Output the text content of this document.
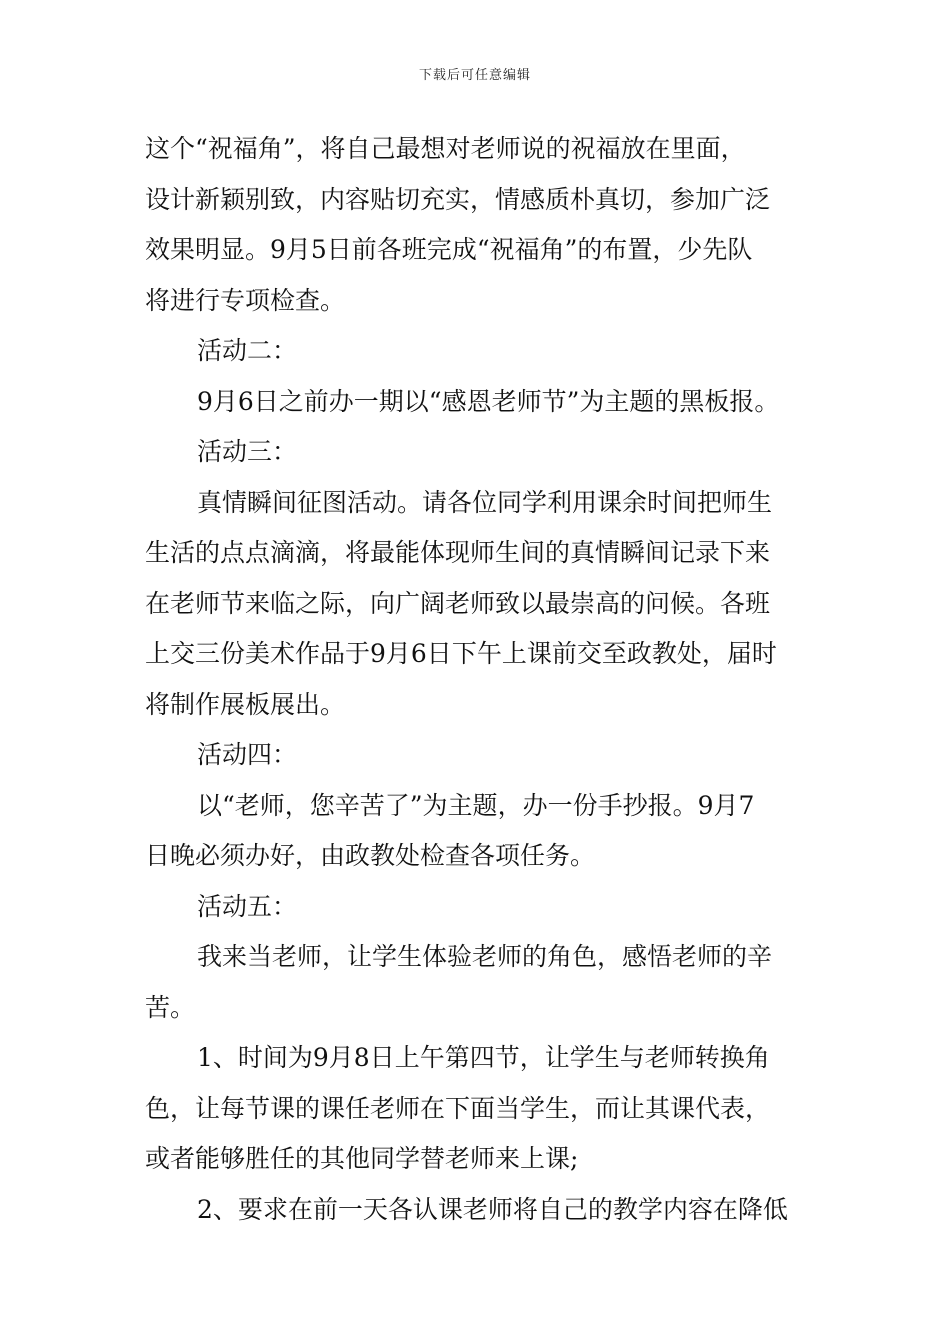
下载后可任意编辑

这个“祝福角”，将自己最想对老师说的祝福放在里面，
设计新颖别致，内容贴切充实，情感质朴真切，参加广泛
效果明显。9月5日前各班完成“祝福角”的布置，少先队
将进行专项检查。

活动二：

9月6日之前办一期以“感恩老师节”为主题的黑板报。

活动三：

真情瞬间征图活动。请各位同学利用课余时间把师生
生活的点点滴滴，将最能体现师生间的真情瞬间记录下来
在老师节来临之际，向广阔老师致以最崇高的问候。各班
上交三份美术作品于9月6日下午上课前交至政教处，届时
将制作展板展出。

活动四：

以“老师，您辛苦了”为主题，办一份手抄报。9月7
日晚必须办好，由政教处检查各项任务。

活动五：

我来当老师，让学生体验老师的角色，感悟老师的辛
苦。

1、时间为9月8日上午第四节，让学生与老师转换角
色，让每节课的课任老师在下面当学生，而让其课代表，
或者能够胜任的其他同学替老师来上课;

2、要求在前一天各认课老师将自己的教学内容在降低
